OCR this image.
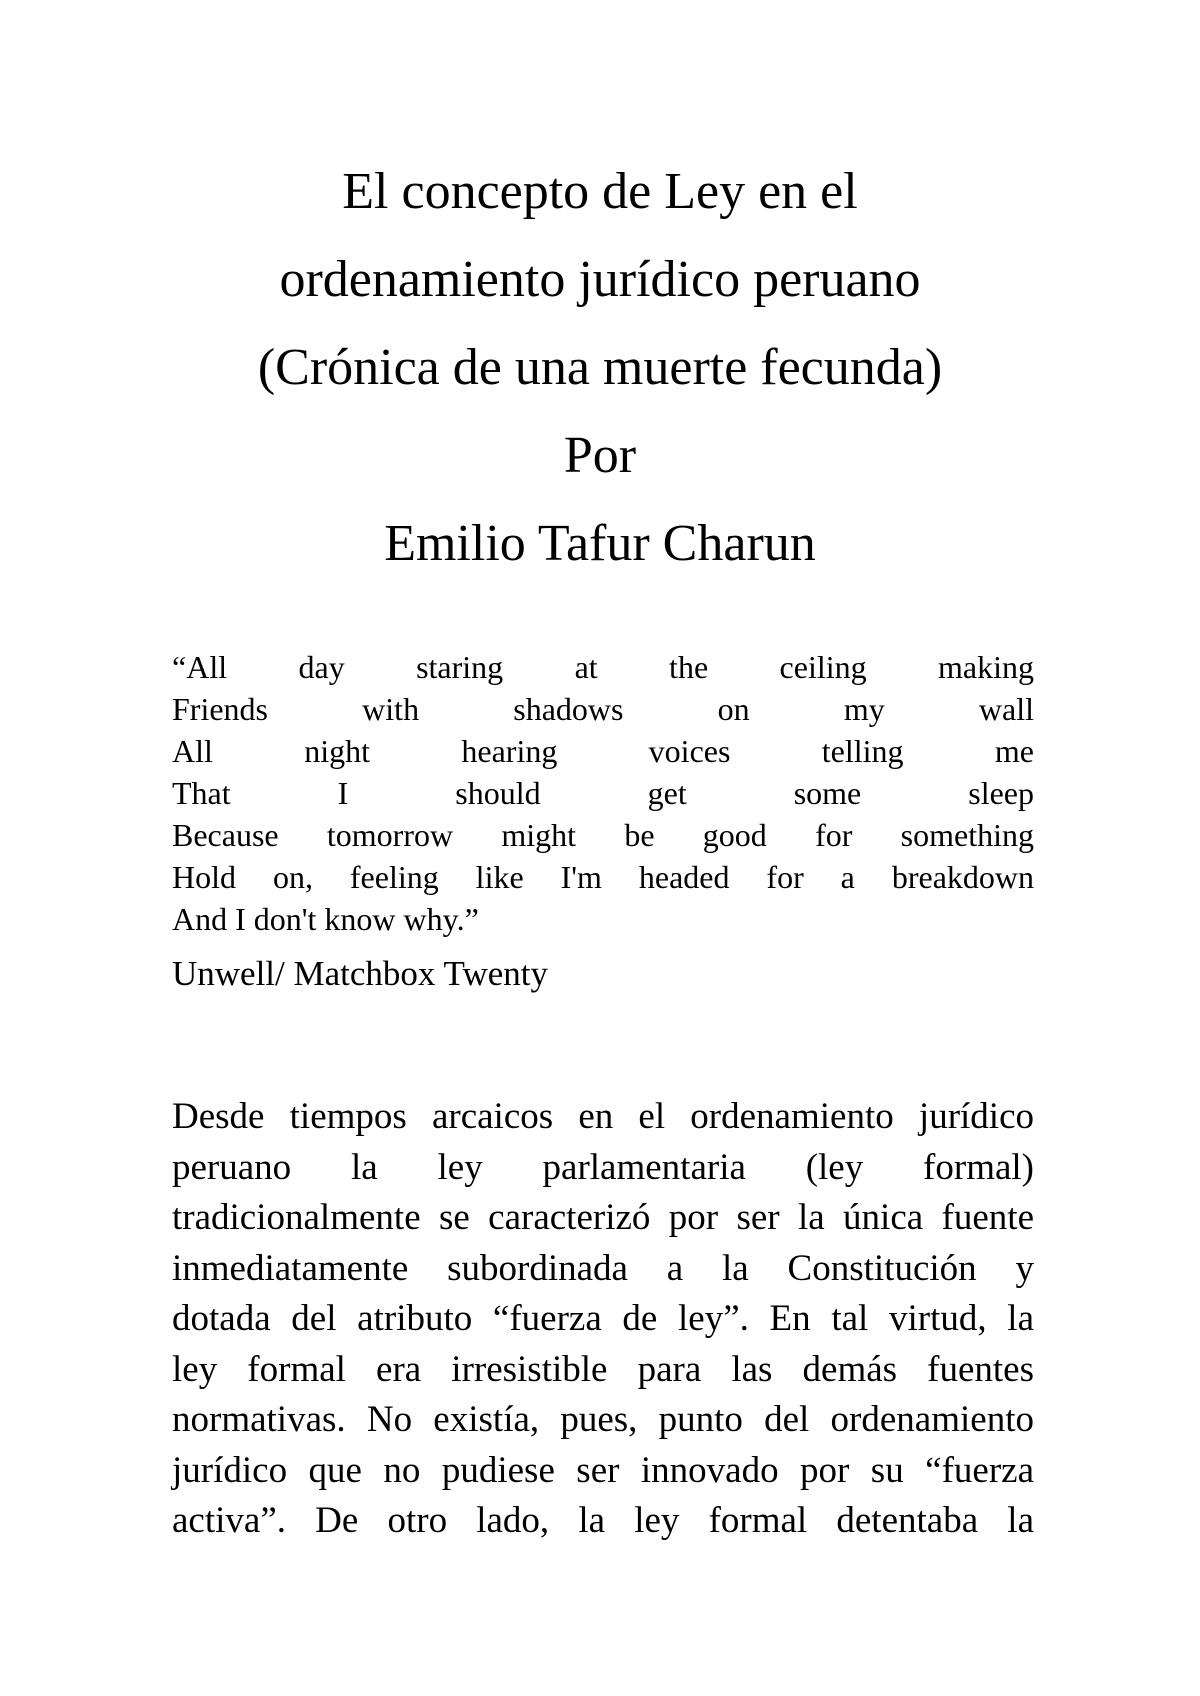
El concepto de Ley en el
ordenamiento jurídico peruano
(Crónica de una muerte fecunda)
Por
Emilio Tafur Charun
“All day staring at the ceiling making
Friends with shadows on my wall
All night hearing voices telling me
That I should get some sleep
Because tomorrow might be good for something
Hold on, feeling like I'm headed for a breakdown
And I don't know why.”
Unwell/ Matchbox Twenty
Desde tiempos arcaicos en el ordenamiento jurídico
peruano la ley parlamentaria (ley formal)
tradicionalmente se caracterizó por ser la única fuente
inmediatamente subordinada a la Constitución y
dotada del atributo “fuerza de ley”. En tal virtud, la
ley formal era irresistible para las demás fuentes
normativas. No existía, pues, punto del ordenamiento
jurídico que no pudiese ser innovado por su “fuerza
activa”. De otro lado, la ley formal detentaba la
